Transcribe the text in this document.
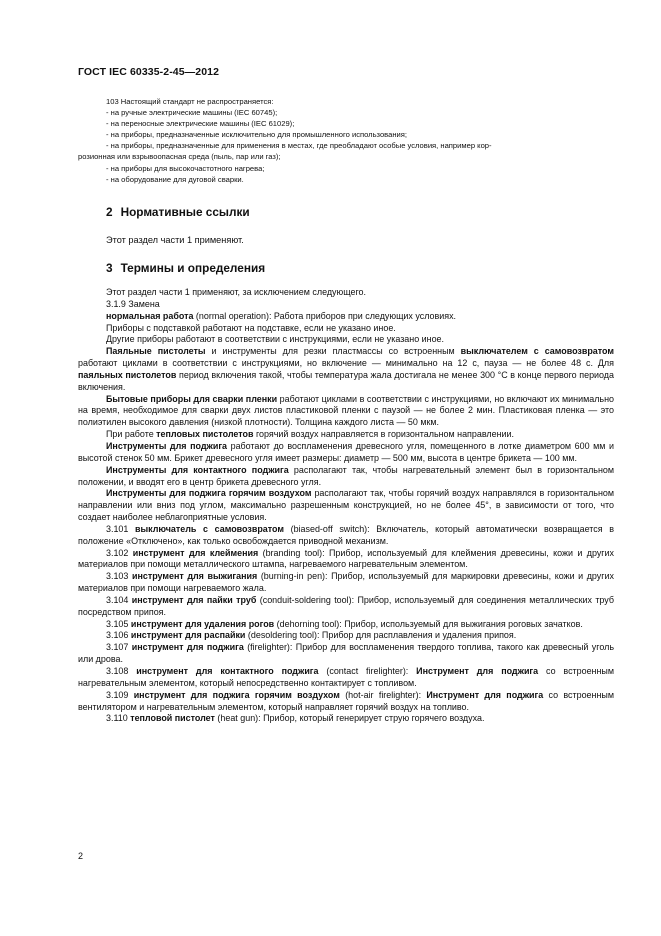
ГОСТ IEC 60335-2-45—2012

103 Настоящий стандарт не распространяется:

- на ручные электрические машины (IEC 60745);

- на переносные электрические машины (IEC 61029);

- на приборы, предназначенные исключительно для промышленного использования;

- на приборы, предназначенные для применения в местах, где преобладают особые условия, например кор-

розионная или взрывоопасная среда (пыль, пар или газ);

- на приборы для высокочастотного нагрева;

- на оборудование для дуговой сварки.

2 Нормативные ссылки
Этот раздел части 1 применяют.
3 Термины и определения

Этот раздел части 1 применяют, за исключением следующего.

3.1.9 Замена

нормальная работа (normal operation): Работа приборов при следующих условиях.

Приборы с подставкой работают на подставке, если не указано иное.

Другие приборы работают в соответствии с инструкциями, если не указано иное.

Паяльные пистолеты и инструменты для резки пластмассы со встроенным выключателем с самовозвратом работают циклами в соответствии с инструкциями, но включение — минимально на 12 с, пауза — не более 48 с. Для паяльных пистолетов период включения такой, чтобы температура жала достигала не менее 300 °С в конце первого периода включения.

Бытовые приборы для сварки пленки работают циклами в соответствии с инструкциями, но включают их минимально на время, необходимое для сварки двух листов пластиковой пленки с паузой — не более 2 мин. Пластиковая пленка — это полиэтилен высокого давления (низкой плотности). Толщина каждого листа — 50 мкм.

При работе тепловых пистолетов горячий воздух направляется в горизонтальном направлении.

Инструменты для поджига работают до воспламенения древесного угля, помещенного в лотке диаметром 600 мм и высотой стенок 50 мм. Брикет древесного угля имеет размеры: диаметр — 500 мм, высота в центре брикета — 100 мм.

Инструменты для контактного поджига располагают так, чтобы нагревательный элемент был в горизонтальном положении, и вводят его в центр брикета древесного угля.

Инструменты для поджига горячим воздухом располагают так, чтобы горячий воздух направлялся в горизонтальном направлении или вниз под углом, максимально разрешенным конструкцией, но не более 45°, в зависимости от того, что создает наиболее неблагоприятные условия.

3.101 выключатель с самовозвратом (biased-off switch): Включатель, который автоматически возвращается в положение «Отключено», как только освобождается приводной механизм.

3.102 инструмент для клеймения (branding tool): Прибор, используемый для клеймения древесины, кожи и других материалов при помощи металлического штампа, нагреваемого нагревательным элементом.

3.103 инструмент для выжигания (burning-in pen): Прибор, используемый для маркировки древесины, кожи и других материалов при помощи нагреваемого жала.

3.104 инструмент для пайки труб (conduit-soldering tool): Прибор, используемый для соединения металлических труб посредством припоя.

3.105 инструмент для удаления рогов (dehorning tool): Прибор, используемый для выжигания роговых зачатков.

3.106 инструмент для распайки (desoldering tool): Прибор для расплавления и удаления припоя.

3.107 инструмент для поджига (firelighter): Прибор для воспламенения твердого топлива, такого как древесный уголь или дрова.

3.108 инструмент для контактного поджига (contact firelighter): Инструмент для поджига со встроенным нагревательным элементом, который непосредственно контактирует с топливом.

3.109 инструмент для поджига горячим воздухом (hot-air firelighter): Инструмент для поджига со встроенным вентилятором и нагревательным элементом, который направляет горячий воздух на топливо.

3.110 тепловой пистолет (heat gun): Прибор, который генерирует струю горячего воздуха.

2
